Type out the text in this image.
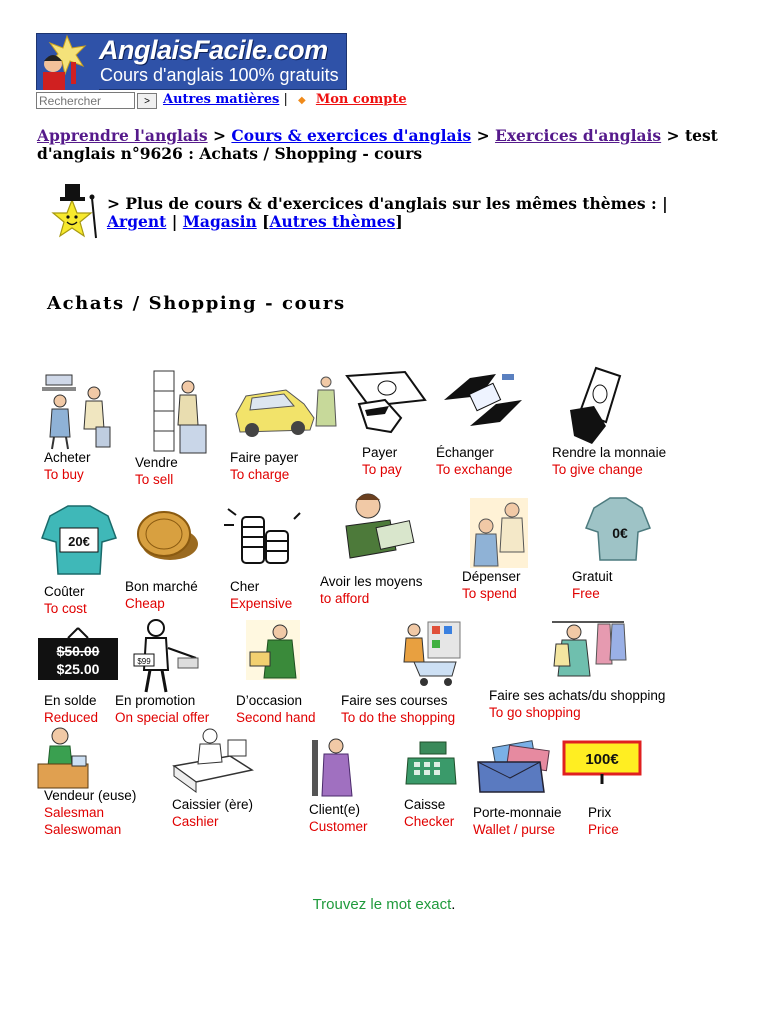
AnglaisFacile.com
Cours d'anglais 100% gratuits
Rechercher
>	Autres matières | ◆ Mon compte
Apprendre l'anglais > Cours & exercices d'anglais > Exercices d'anglais > test d'anglais n°9626 : Achats / Shopping - cours
> Plus de cours & d'exercices d'anglais sur les mêmes thèmes : | Argent | Magasin [Autres thèmes]
Achats / Shopping - cours
Acheter
To buy
Vendre
To sell
Faire payer
To charge
Payer
To pay
Échanger
To exchange
Rendre la monnaie
To give change
20€
Coûter
To cost
Bon marché
Cheap
Cher
Expensive
Avoir les moyens
to afford
Dépenser
To spend
0€
Gratuit
Free
$50.00
$25.00
En solde
Reduced
$99
En promotion
On special offer
D’occasion
Second hand
Faire ses courses
To do the shopping
Faire ses achats/du shopping
To go shopping
Vendeur (euse)
Salesman
Saleswoman
Caissier (ère)
Cashier
Client(e)
Customer
Caisse
Checker
Porte-monnaie
Wallet / purse
100€
Prix
Price
Trouvez le mot exact.
